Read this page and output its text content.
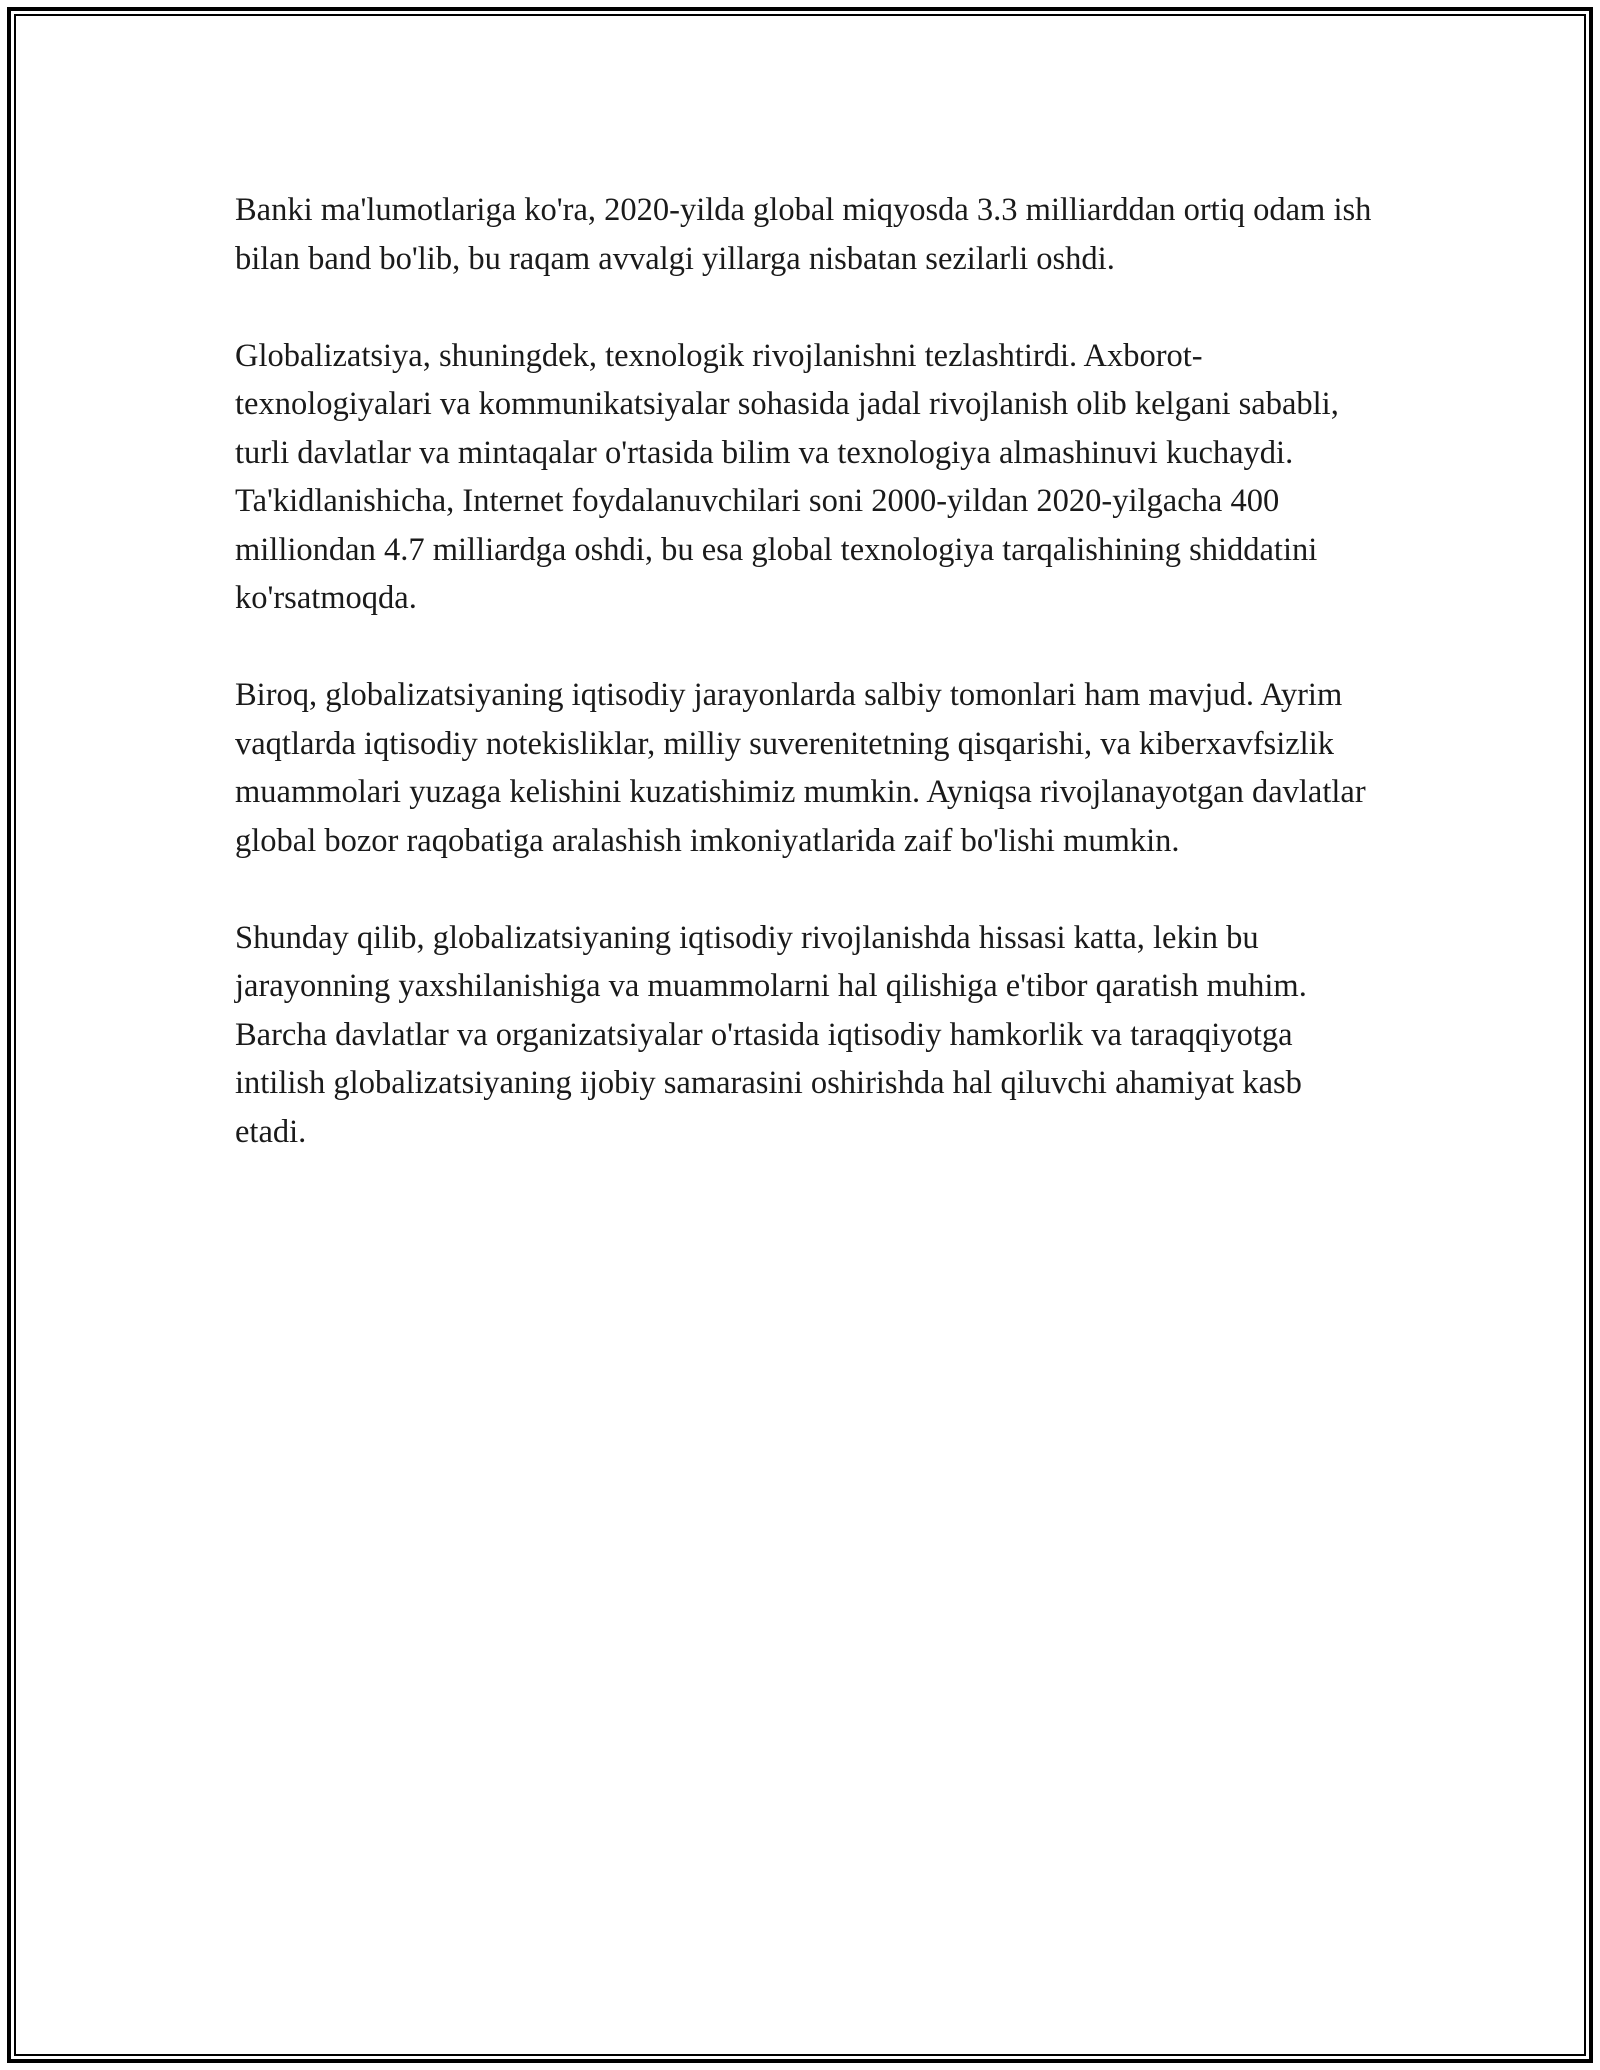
Banki ma'lumotlariga ko'ra, 2020-yilda global miqyosda 3.3 milliarddan ortiq odam ish bilan band bo'lib, bu raqam avvalgi yillarga nisbatan sezilarli oshdi.

Globalizatsiya, shuningdek, texnologik rivojlanishni tezlashtirdi. Axborot-texnologiyalari va kommunikatsiyalar sohasida jadal rivojlanish olib kelgani sababli, turli davlatlar va mintaqalar o'rtasida bilim va texnologiya almashinuvi kuchaydi. Ta'kidlanishicha, Internet foydalanuvchilari soni 2000-yildan 2020-yilgacha 400 milliondan 4.7 milliardga oshdi, bu esa global texnologiya tarqalishining shiddatini ko'rsatmoqda.

Biroq, globalizatsiyaning iqtisodiy jarayonlarda salbiy tomonlari ham mavjud. Ayrim vaqtlarda iqtisodiy notekisliklar, milliy suverenitetning qisqarishi, va kiberxavfsizlik muammolari yuzaga kelishini kuzatishimiz mumkin. Ayniqsa rivojlanayotgan davlatlar global bozor raqobatiga aralashish imkoniyatlarida zaif bo'lishi mumkin.

Shunday qilib, globalizatsiyaning iqtisodiy rivojlanishda hissasi katta, lekin bu jarayonning yaxshilanishiga va muammolarni hal qilishiga e'tibor qaratish muhim. Barcha davlatlar va organizatsiyalar o'rtasida iqtisodiy hamkorlik va taraqqiyotga intilish globalizatsiyaning ijobiy samarasini oshirishda hal qiluvchi ahamiyat kasb etadi.
